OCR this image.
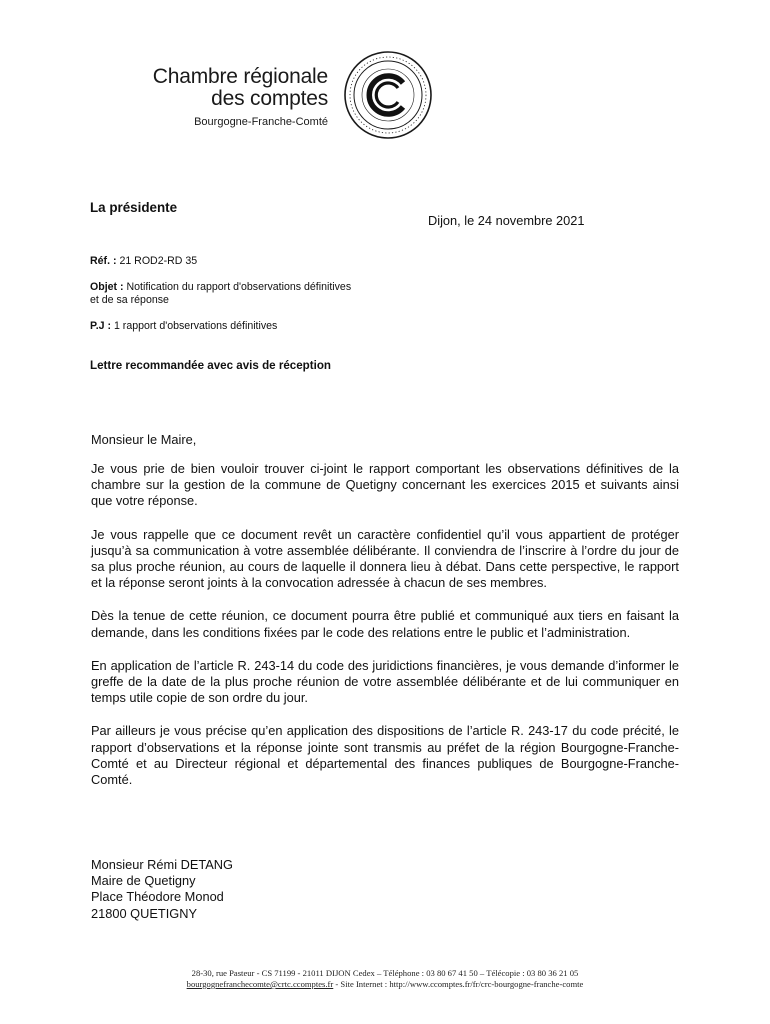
Chambre régionale
des comptes
Bourgogne-Franche-Comté
La présidente
Dijon, le 24 novembre 2021
Réf. : 21 ROD2-RD 35
Objet : Notification du rapport d'observations définitives
et de sa réponse
P.J : 1 rapport d'observations définitives
Lettre recommandée avec avis de réception
Monsieur le Maire,

Je vous prie de bien vouloir trouver ci-joint le rapport comportant les observations définitives de la chambre sur la gestion de la commune de Quetigny concernant les exercices 2015 et suivants ainsi que votre réponse.

Je vous rappelle que ce document revêt un caractère confidentiel qu’il vous appartient de protéger jusqu’à sa communication à votre assemblée délibérante. Il conviendra de l’inscrire à l’ordre du jour de sa plus proche réunion, au cours de laquelle il donnera lieu à débat. Dans cette perspective, le rapport et la réponse seront joints à la convocation adressée à chacun de ses membres.

Dès la tenue de cette réunion, ce document pourra être publié et communiqué aux tiers en faisant la demande, dans les conditions fixées par le code des relations entre le public et l’administration.

En application de l’article R. 243-14 du code des juridictions financières, je vous demande d’informer le greffe de la date de la plus proche réunion de votre assemblée délibérante et de lui communiquer en temps utile copie de son ordre du jour.

Par ailleurs je vous précise qu’en application des dispositions de l’article R. 243-17 du code précité, le rapport d’observations et la réponse jointe sont transmis au préfet de la région Bourgogne-Franche-Comté et au Directeur régional et départemental des finances publiques de Bourgogne-Franche-Comté.

Monsieur Rémi DETANG
Maire de Quetigny
Place Théodore Monod
21800 QUETIGNY
28-30, rue Pasteur - CS 71199 - 21011 DIJON Cedex – Téléphone : 03 80 67 41 50 – Télécopie : 03 80 36 21 05
bourgognefranchecomte@crtc.ccomptes.fr - Site Internet : http://www.ccomptes.fr/fr/crc-bourgogne-franche-comte
